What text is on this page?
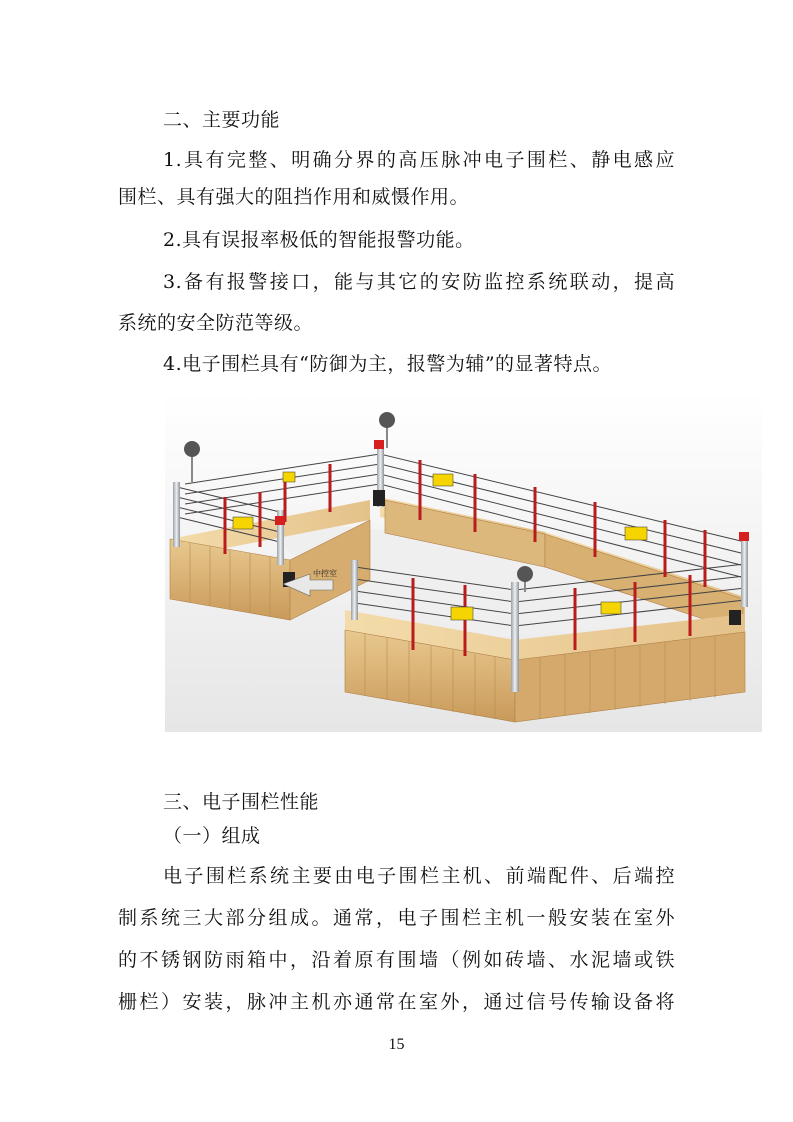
二、主要功能
1.具有完整、明确分界的高压脉冲电子围栏、静电感应
围栏、具有强大的阻挡作用和威慑作用。
2.具有误报率极低的智能报警功能。
3.备有报警接口，能与其它的安防监控系统联动，提高
系统的安全防范等级。
4.电子围栏具有“防御为主，报警为辅”的显著特点。
中控室
三、电子围栏性能
（一）组成
电子围栏系统主要由电子围栏主机、前端配件、后端控
制系统三大部分组成。通常，电子围栏主机一般安装在室外
的不锈钢防雨箱中，沿着原有围墙（例如砖墙、水泥墙或铁
栅栏）安装，脉冲主机亦通常在室外，通过信号传输设备将
15
